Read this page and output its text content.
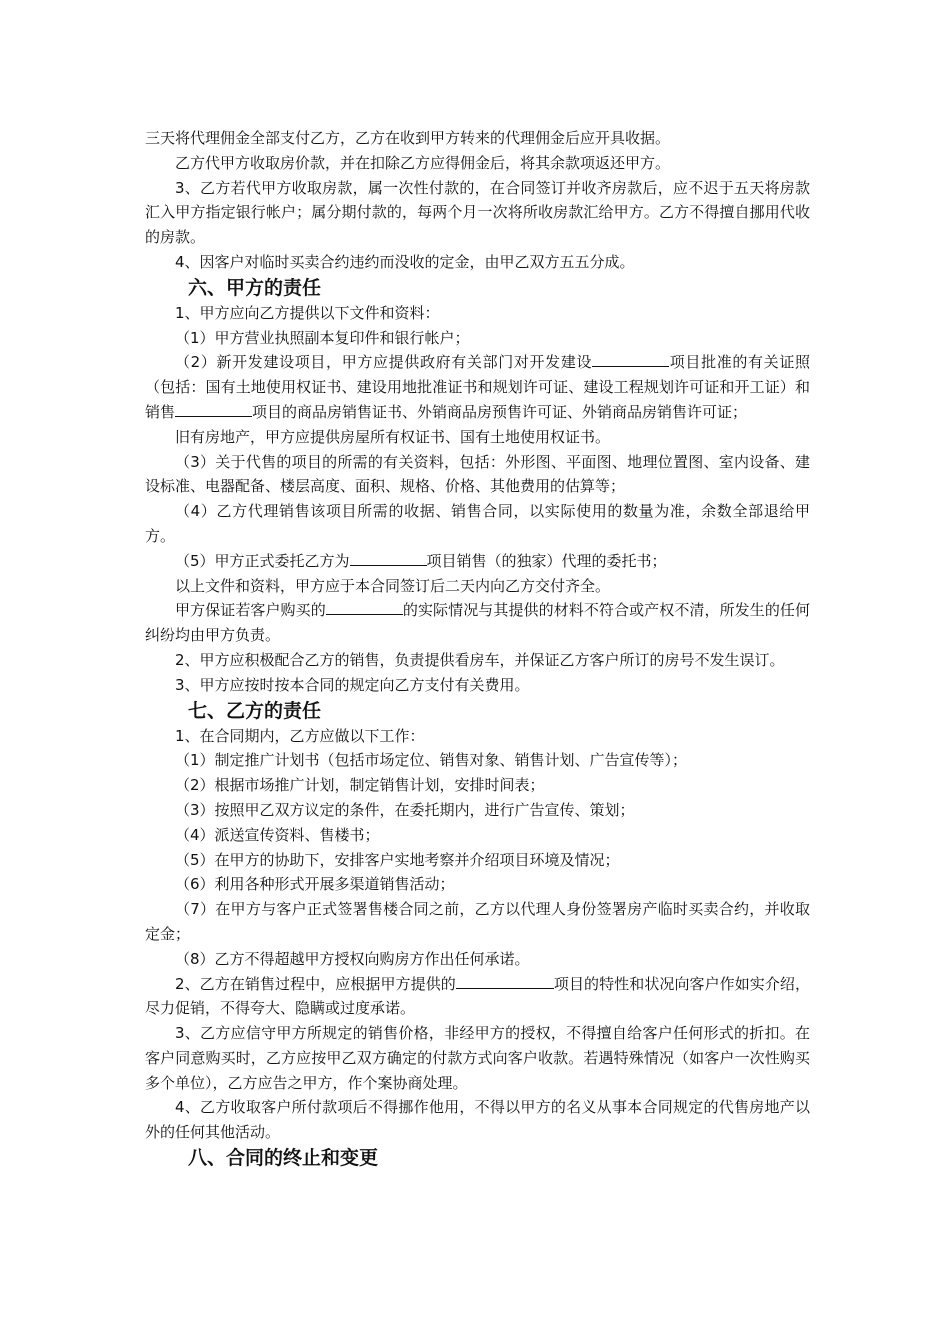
三天将代理佣金全部支付乙方，乙方在收到甲方转来的代理佣金后应开具收据。

乙方代甲方收取房价款，并在扣除乙方应得佣金后，将其余款项返还甲方。

3、乙方若代甲方收取房款，属一次性付款的，在合同签订并收齐房款后，应不迟于五天将房款汇入甲方指定银行帐户；属分期付款的，每两个月一次将所收房款汇给甲方。乙方不得擅自挪用代收的房款。

4、因客户对临时买卖合约违约而没收的定金，由甲乙双方五五分成。

六、甲方的责任

1、甲方应向乙方提供以下文件和资料：

（1）甲方营业执照副本复印件和银行帐户；

（2）新开发建设项目，甲方应提供政府有关部门对开发建设	项目批准的有关证照（包括：国有土地使用权证书、建设用地批准证书和规划许可证、建设工程规划许可证和开工证）和销售	项目的商品房销售证书、外销商品房预售许可证、外销商品房销售许可证；

旧有房地产，甲方应提供房屋所有权证书、国有土地使用权证书。

（3）关于代售的项目的所需的有关资料，包括：外形图、平面图、地理位置图、室内设备、建设标准、电器配备、楼层高度、面积、规格、价格、其他费用的估算等；

（4）乙方代理销售该项目所需的收据、销售合同，以实际使用的数量为准，余数全部退给甲方。

（5）甲方正式委托乙方为	项目销售（的独家）代理的委托书；

以上文件和资料，甲方应于本合同签订后二天内向乙方交付齐全。

甲方保证若客户购买的	的实际情况与其提供的材料不符合或产权不清，所发生的任何纠纷均由甲方负责。

2、甲方应积极配合乙方的销售，负责提供看房车，并保证乙方客户所订的房号不发生误订。

3、甲方应按时按本合同的规定向乙方支付有关费用。

七、乙方的责任

1、在合同期内，乙方应做以下工作：

（1）制定推广计划书（包括市场定位、销售对象、销售计划、广告宣传等）；

（2）根据市场推广计划，制定销售计划，安排时间表；

（3）按照甲乙双方议定的条件，在委托期内，进行广告宣传、策划；

（4）派送宣传资料、售楼书；

（5）在甲方的协助下，安排客户实地考察并介绍项目环境及情况；

（6）利用各种形式开展多渠道销售活动；

（7）在甲方与客户正式签署售楼合同之前，乙方以代理人身份签署房产临时买卖合约，并收取定金；

（8）乙方不得超越甲方授权向购房方作出任何承诺。

2、乙方在销售过程中，应根据甲方提供的	项目的特性和状况向客户作如实介绍，尽力促销，不得夸大、隐瞒或过度承诺。

3、乙方应信守甲方所规定的销售价格，非经甲方的授权，不得擅自给客户任何形式的折扣。在客户同意购买时，乙方应按甲乙双方确定的付款方式向客户收款。若遇特殊情况（如客户一次性购买多个单位），乙方应告之甲方，作个案协商处理。

4、乙方收取客户所付款项后不得挪作他用，不得以甲方的名义从事本合同规定的代售房地产以外的任何其他活动。

八、合同的终止和变更
